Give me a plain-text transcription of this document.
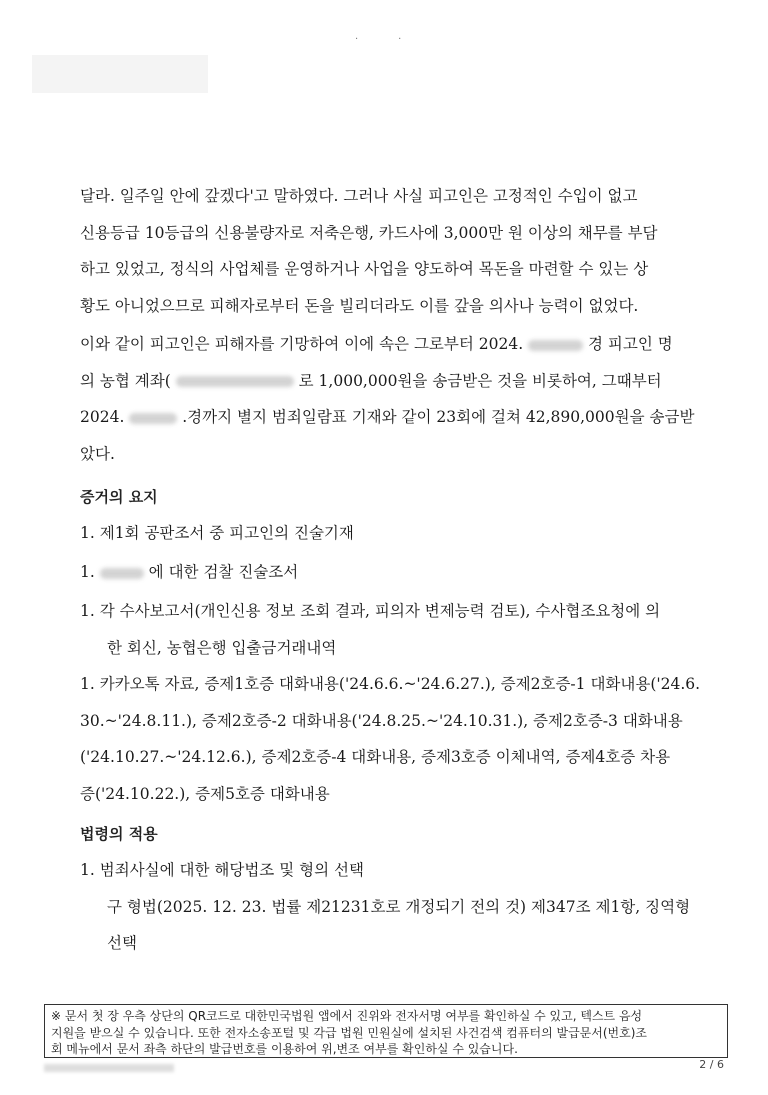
··
달라. 일주일 안에 갚겠다'고 말하였다. 그러나 사실 피고인은 고정적인 수입이 없고
신용등급 10등급의 신용불량자로 저축은행, 카드사에 3,000만 원 이상의 채무를 부담
하고 있었고, 정식의 사업체를 운영하거나 사업을 양도하여 목돈을 마련할 수 있는 상
황도 아니었으므로 피해자로부터 돈을 빌리더라도 이를 갚을 의사나 능력이 없었다.
이와 같이 피고인은 피해자를 기망하여 이에 속은 그로부터 2024.	경 피고인 명
의 농협 계좌(	로 1,000,000원을 송금받은 것을 비롯하여, 그때부터
2024.	.경까지 별지 범죄일람표 기재와 같이 23회에 걸쳐 42,890,000원을 송금받
았다.
증거의 요지
1. 제1회 공판조서 중 피고인의 진술기재
1.	에 대한 검찰 진술조서
1. 각 수사보고서(개인신용 정보 조회 결과, 피의자 변제능력 검토), 수사협조요청에 의
한 회신, 농협은행 입출금거래내역
1. 카카오톡 자료, 증제1호증 대화내용('24.6.6.~'24.6.27.), 증제2호증-1 대화내용('24.6.
30.~'24.8.11.), 증제2호증-2 대화내용('24.8.25.~'24.10.31.), 증제2호증-3 대화내용
('24.10.27.~'24.12.6.), 증제2호증-4 대화내용, 증제3호증 이체내역, 증제4호증 차용
증('24.10.22.), 증제5호증 대화내용
법령의 적용
1. 범죄사실에 대한 해당법조 및 형의 선택
구 형법(2025. 12. 23. 법률 제21231호로 개정되기 전의 것) 제347조 제1항, 징역형
선택
※ 문서 첫 장 우측 상단의 QR코드로 대한민국법원 앱에서 진위와 전자서명 여부를 확인하실 수 있고, 텍스트 음성
지원을 받으실 수 있습니다. 또한 전자소송포털 및 각급 법원 민원실에 설치된 사건검색 컴퓨터의 발급문서(번호)조
회 메뉴에서 문서 좌측 하단의 발급번호를 이용하여 위,변조 여부를 확인하실 수 있습니다.
2 / 6
